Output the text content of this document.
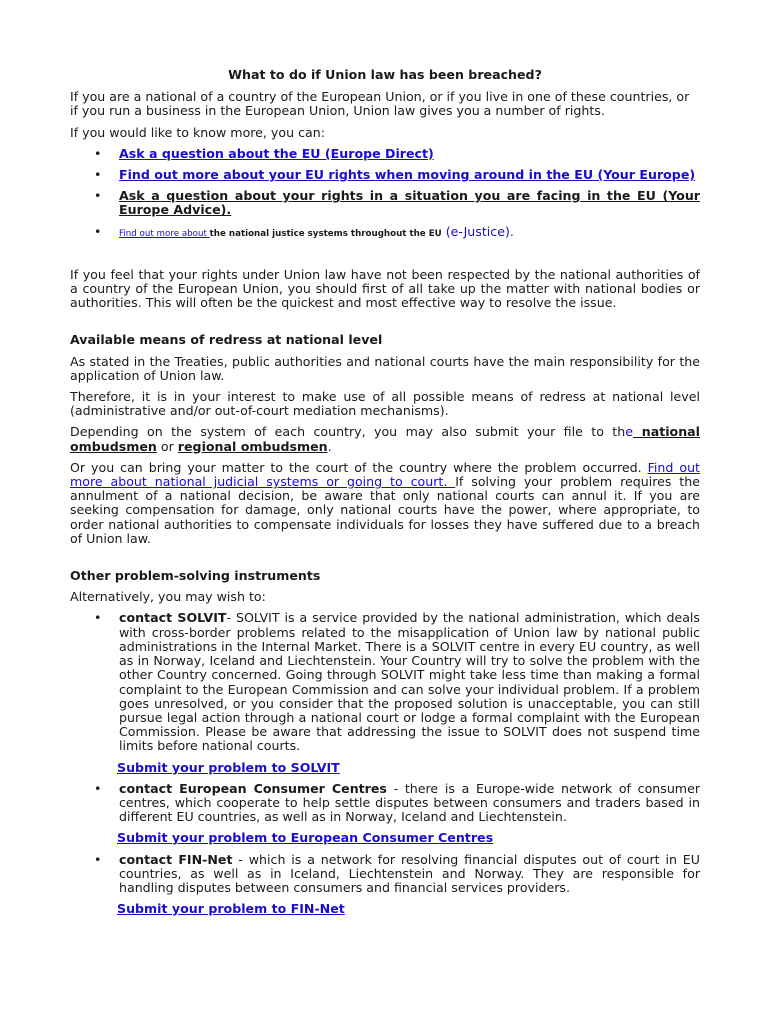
What to do if Union law has been breached?

If you are a national of a country of the European Union, or if you live in one of these countries, or if you run a business in the European Union, Union law gives you a number of rights.

If you would like to know more, you can:

• Ask a question about the EU (Europe Direct)
• Find out more about your EU rights when moving around in the EU (Your Europe)
• Ask a question about your rights in a situation you are facing in the EU (Your Europe Advice).
• Find out more about the national justice systems throughout the EU (e-Justice).

If you feel that your rights under Union law have not been respected by the national authorities of a country of the European Union, you should first of all take up the matter with national bodies or authorities. This will often be the quickest and most effective way to resolve the issue.

Available means of redress at national level

As stated in the Treaties, public authorities and national courts have the main responsibility for the application of Union law.

Therefore, it is in your interest to make use of all possible means of redress at national level (administrative and/or out-of-court mediation mechanisms).

Depending on the system of each country, you may also submit your file to the national ombudsmen or regional ombudsmen.

Or you can bring your matter to the court of the country where the problem occurred. Find out more about national judicial systems or going to court. If solving your problem requires the annulment of a national decision, be aware that only national courts can annul it. If you are seeking compensation for damage, only national courts have the power, where appropriate, to order national authorities to compensate individuals for losses they have suffered due to a breach of Union law.

Other problem-solving instruments

Alternatively, you may wish to:

• contact SOLVIT- SOLVIT is a service provided by the national administration, which deals with cross-border problems related to the misapplication of Union law by national public administrations in the Internal Market. There is a SOLVIT centre in every EU country, as well as in Norway, Iceland and Liechtenstein. Your Country will try to solve the problem with the other Country concerned. Going through SOLVIT might take less time than making a formal complaint to the European Commission and can solve your individual problem. If a problem goes unresolved, or you consider that the proposed solution is unacceptable, you can still pursue legal action through a national court or lodge a formal complaint with the European Commission. Please be aware that addressing the issue to SOLVIT does not suspend time limits before national courts.
Submit your problem to SOLVIT
• contact European Consumer Centres - there is a Europe-wide network of consumer centres, which cooperate to help settle disputes between consumers and traders based in different EU countries, as well as in Norway, Iceland and Liechtenstein.
Submit your problem to European Consumer Centres
• contact FIN-Net - which is a network for resolving financial disputes out of court in EU countries, as well as in Iceland, Liechtenstein and Norway. They are responsible for handling disputes between consumers and financial services providers.
Submit your problem to FIN-Net
